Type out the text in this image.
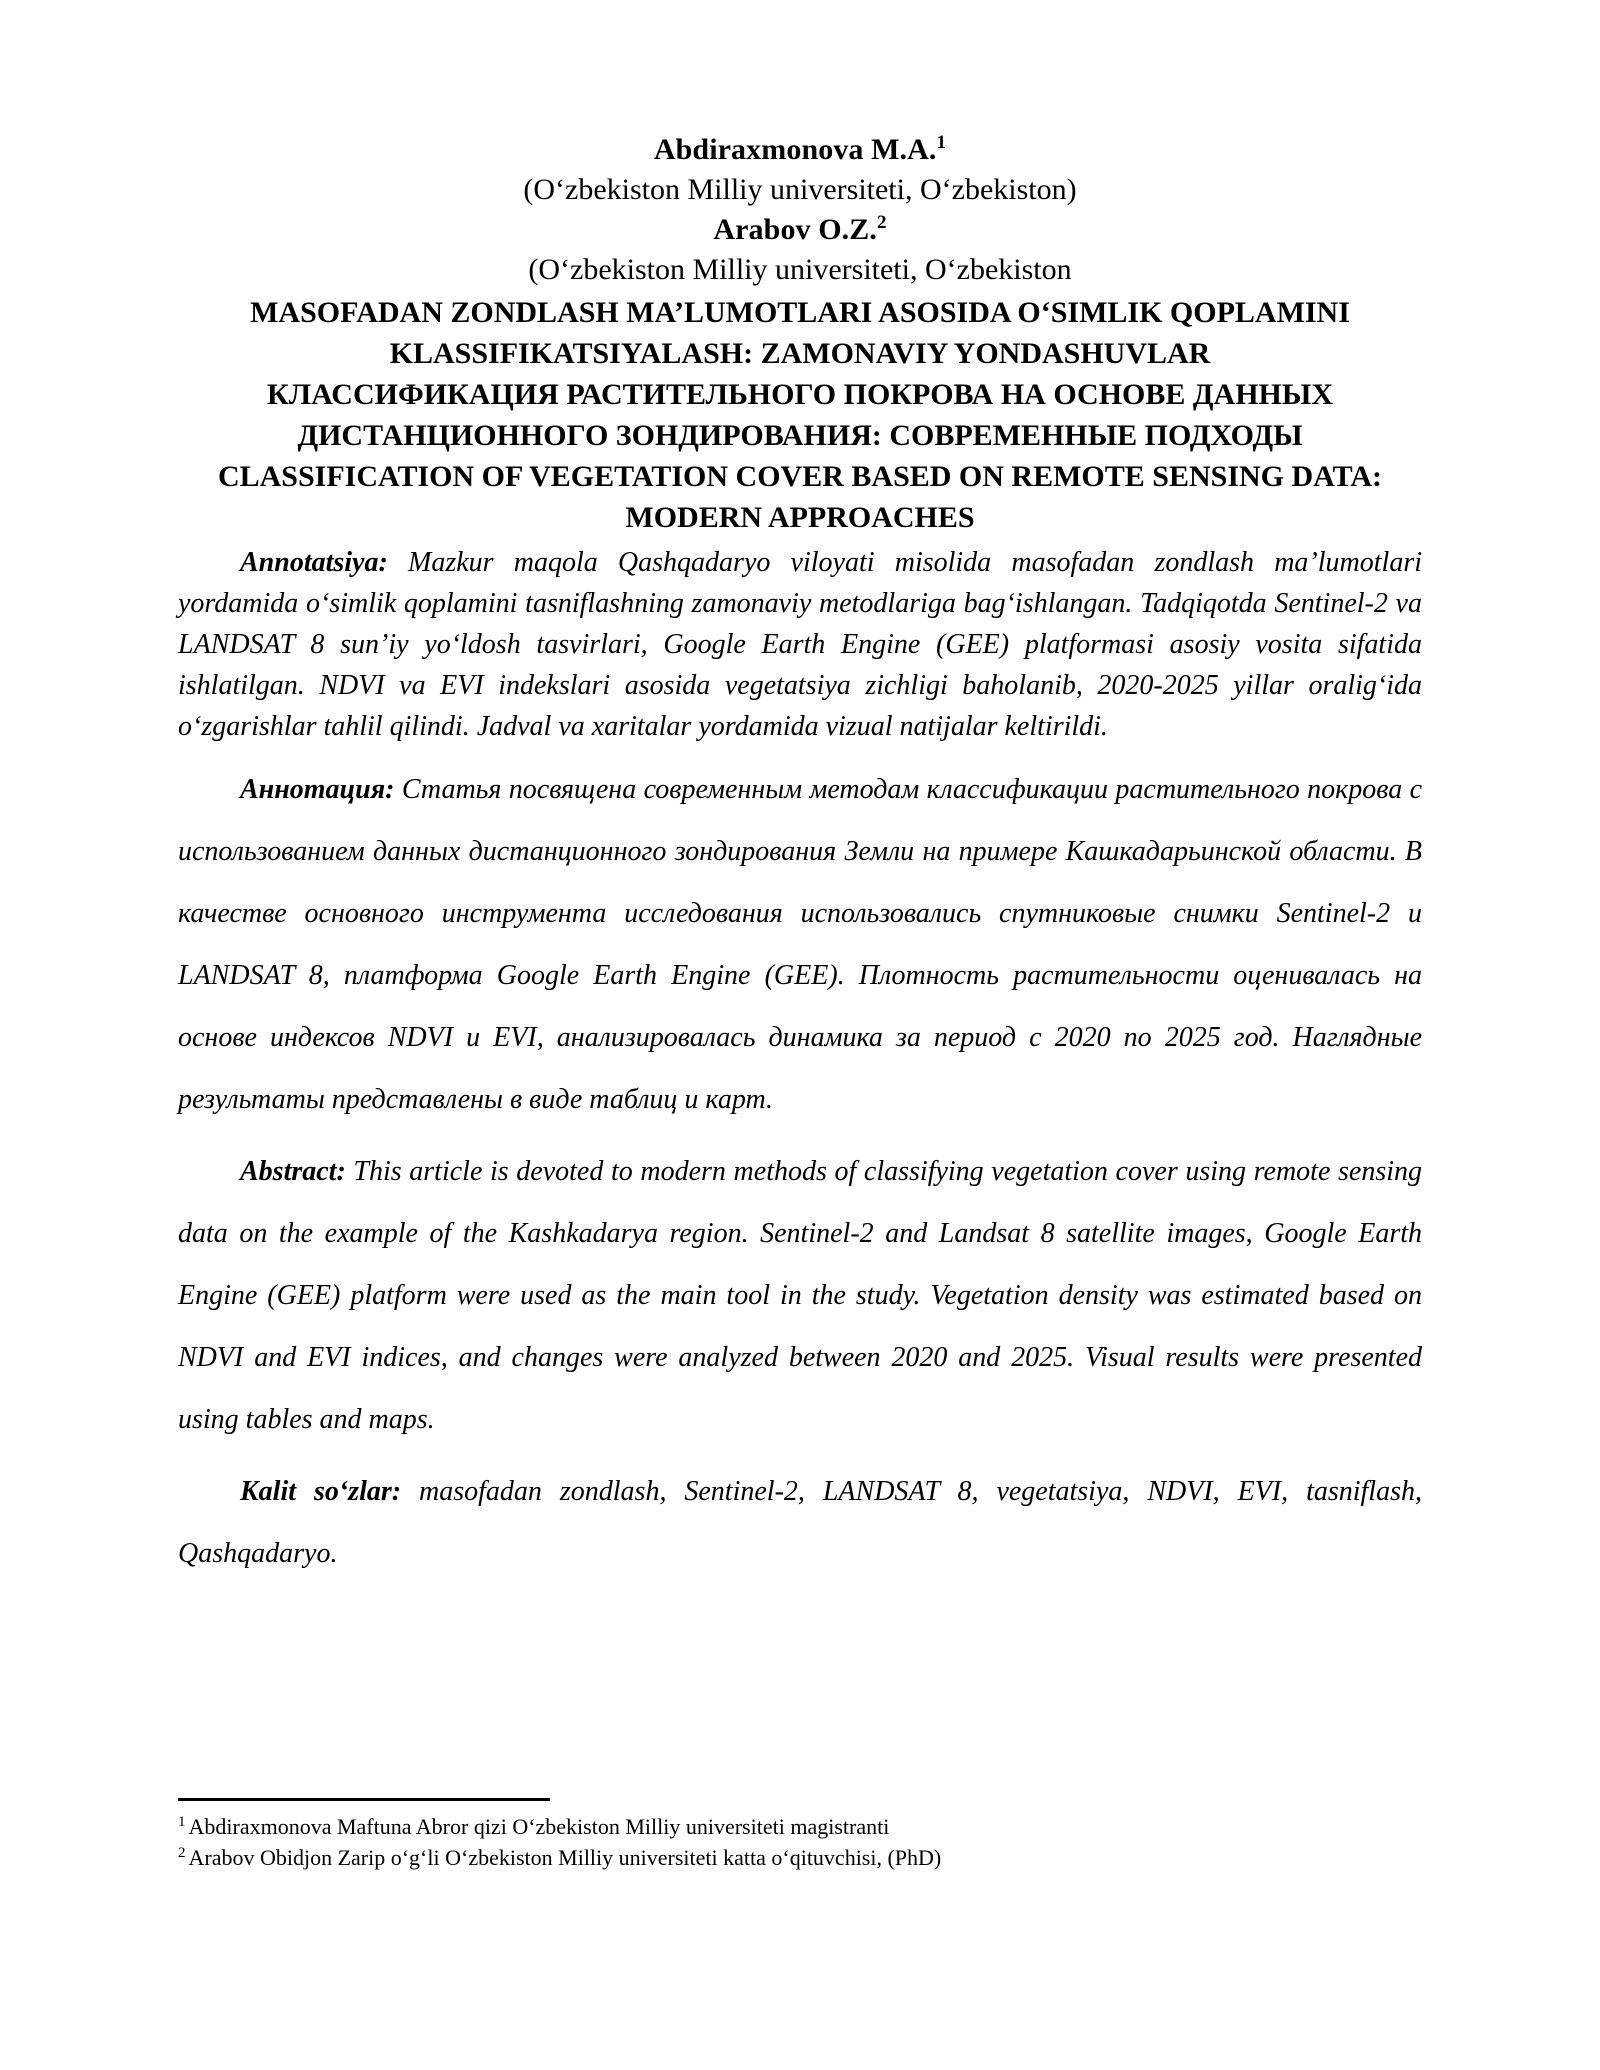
Abdiraxmonova M.A.$^1$

(O‘zbekiston Milliy universiteti, O‘zbekiston)

Arabov O.Z.$^2$

(O‘zbekiston Milliy universiteti, O‘zbekiston

MASOFADAN ZONDLASH MA’LUMOTLARI ASOSIDA O‘SIMLIK QOPLAMINI KLASSIFIKATSIYALASH: ZAMONAVIY YONDASHUVLAR
КЛАССИФИКАЦИЯ РАСТИТЕЛЬНОГО ПОКРОВА НА ОСНОВЕ ДАННЫХ ДИСТАНЦИОННОГО ЗОНДИРОВАНИЯ: СОВРЕМЕННЫЕ ПОДХОДЫ
CLASSIFICATION OF VEGETATION COVER BASED ON REMOTE SENSING DATA: MODERN APPROACHES

Annotatsiya: Mazkur maqola Qashqadaryo viloyati misolida masofadan zondlash ma’lumotlari yordamida o‘simlik qoplamini tasniflashning zamonaviy metodlariga bag‘ishlangan. Tadqiqotda Sentinel-2 va LANDSAT 8 sun’iy yo‘ldosh tasvirlari, Google Earth Engine (GEE) platformasi asosiy vosita sifatida ishlatilgan. NDVI va EVI indekslari asosida vegetatsiya zichligi baholanib, 2020-2025 yillar oralig‘ida o‘zgarishlar tahlil qilindi. Jadval va xaritalar yordamida vizual natijalar keltirildi.

Аннотация: Статья посвящена современным методам классификации растительного покрова с использованием данных дистанционного зондирования Земли на примере Кашкадарьинской области. В качестве основного инструмента исследования использовались спутниковые снимки Sentinel-2 и LANDSAT 8, платформа Google Earth Engine (GEE). Плотность растительности оценивалась на основе индексов NDVI и EVI, анализировалась динамика за период с 2020 по 2025 год. Наглядные результаты представлены в виде таблиц и карт.

Abstract: This article is devoted to modern methods of classifying vegetation cover using remote sensing data on the example of the Kashkadarya region. Sentinel-2 and Landsat 8 satellite images, Google Earth Engine (GEE) platform were used as the main tool in the study. Vegetation density was estimated based on NDVI and EVI indices, and changes were analyzed between 2020 and 2025. Visual results were presented using tables and maps.

Kalit so‘zlar: masofadan zondlash, Sentinel-2, LANDSAT 8, vegetatsiya, NDVI, EVI, tasniflash, Qashqadaryo.

$^1$ Abdiraxmonova Maftuna Abror qizi O‘zbekiston Milliy universiteti magistranti

$^2$ Arabov Obidjon Zarip o‘g‘li O‘zbekiston Milliy universiteti katta o‘qituvchisi, (PhD)
